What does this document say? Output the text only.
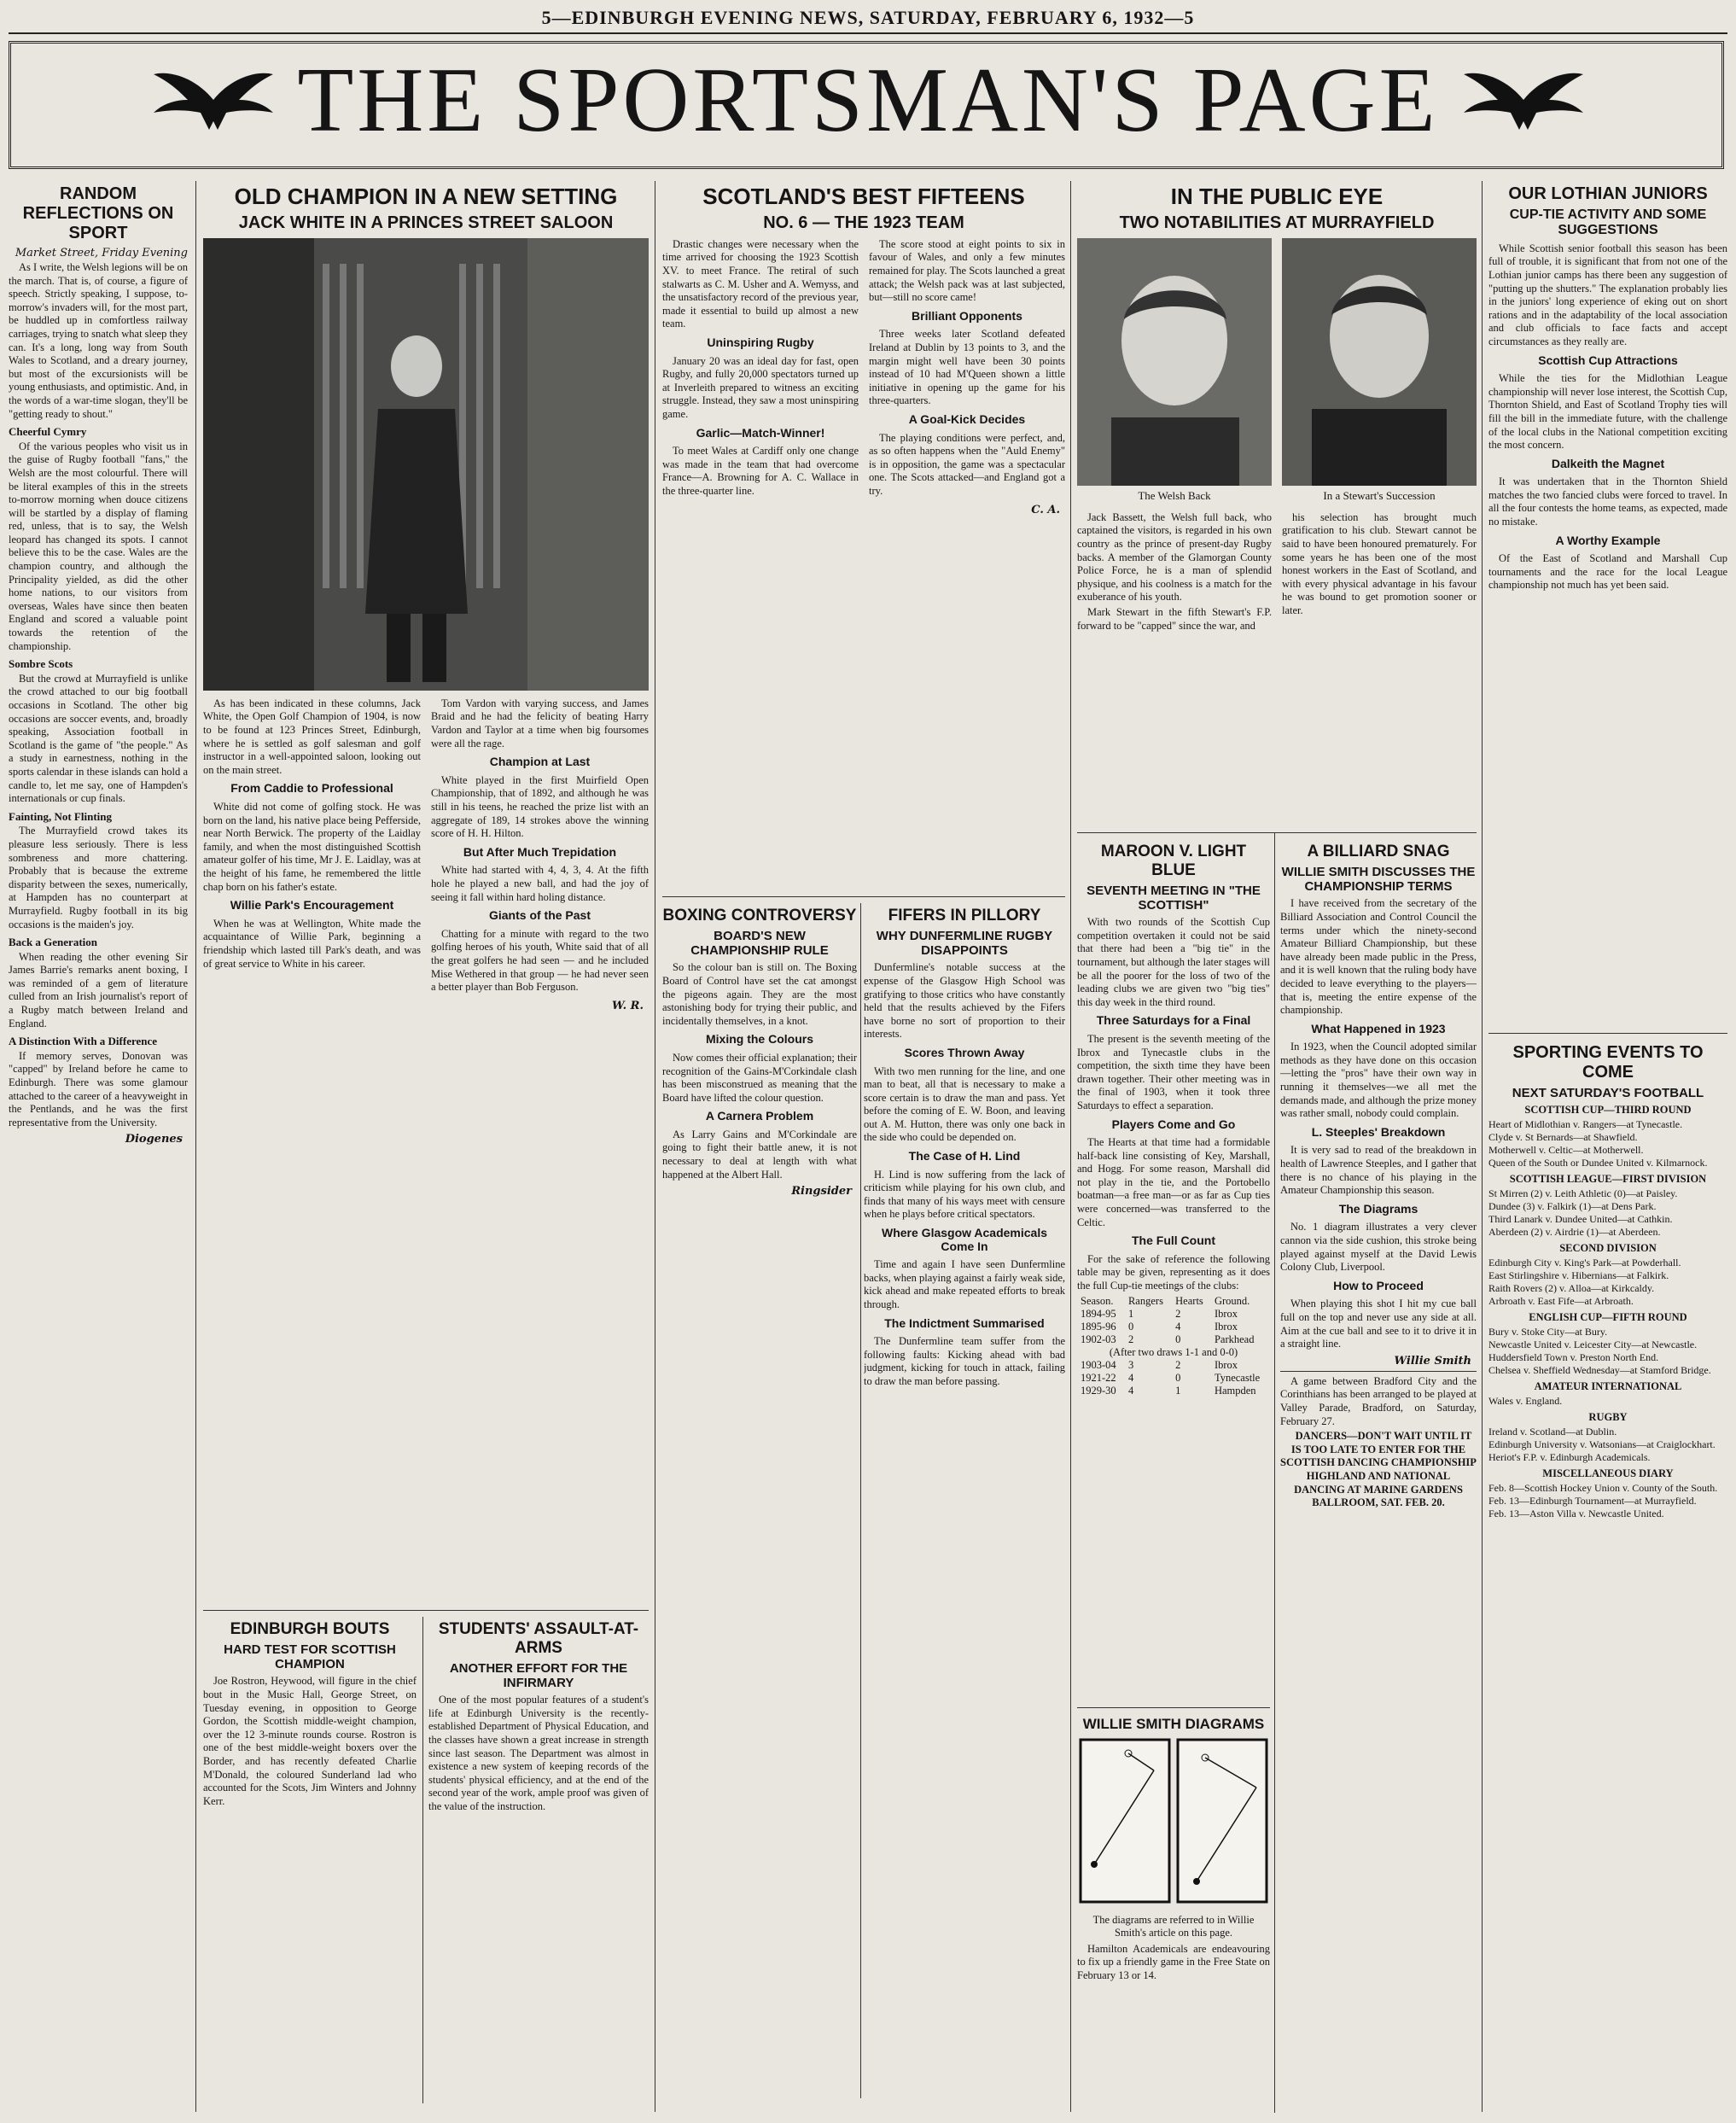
5—EDINBURGH EVENING NEWS, SATURDAY, FEBRUARY 6, 1932—5
THE SPORTSMAN'S PAGE
RANDOM REFLECTIONS ON SPORT
Market Street, Friday Evening

As I write, the Welsh legions will be on the march. That is, of course, a figure of speech. Strictly speaking, I suppose, to-morrow's invaders will, for the most part, be huddled up in comfortless railway carriages, trying to snatch what sleep they can. It's a long, long way from South Wales to Scotland, and a dreary journey, but most of the excursionists will be young enthusiasts, and optimistic. And, in the words of a war-time slogan, they'll be "getting ready to shout."

Cheerful Cymry

Of the various peoples who visit us in the guise of Rugby football "fans," the Welsh are the most colourful. There will be literal examples of this in the streets to-morrow morning when douce citizens will be startled by a display of flaming red, unless, that is to say, the Welsh leopard has changed its spots. I cannot believe this to be the case. Wales are the champion country, and although the Principality yielded, as did the other home nations, to our visitors from overseas, Wales have since then beaten England and scored a valuable point towards the retention of the championship.

Sombre Scots

But the crowd at Murrayfield is unlike the crowd attached to our big football occasions in Scotland. The other big occasions are soccer events, and, broadly speaking, Association football in Scotland is the game of "the people." As a study in earnestness, nothing in the sports calendar in these islands can hold a candle to, let me say, one of Hampden's internationals or cup finals.

Fainting, Not Flinting

The Murrayfield crowd takes its pleasure less seriously. There is less sombreness and more chattering. Probably that is because the extreme disparity between the sexes, numerically, at Hampden has no counterpart at Murrayfield. Rugby football in its big occasions is the maiden's joy.

Back a Generation

When reading the other evening Sir James Barrie's remarks anent boxing, I was reminded of a gem of literature culled from an Irish journalist's report of a Rugby match between Ireland and England.

A Distinction With a Difference

If memory serves, Donovan was "capped" by Ireland before he came to Edinburgh. There was some glamour attached to the career of a heavyweight in the Pentlands, and he was the first representative from the University.

Diogenes
OLD CHAMPION IN A NEW SETTING
JACK WHITE IN A PRINCES STREET SALOON

As has been indicated in these columns, Jack White, the Open Golf Champion of 1904, is now to be found at 123 Princes Street, Edinburgh, where he is settled as golf salesman and golf instructor in a well-appointed saloon, looking out on the main street.

From Caddie to Professional

White did not come of golfing stock. He was born on the land, his native place being Pefferside, near North Berwick. The property of the Laidlay family, and when the most distinguished Scottish amateur golfer of his time, Mr J. E. Laidlay, was at the height of his fame, he remembered the little chap born on his father's estate.

Willie Park's Encouragement

When he was at Wellington, White made the acquaintance of Willie Park, beginning a friendship which lasted till Park's death, and was of great service to White in his career.

Tom Vardon with varying success, and James Braid and he had the felicity of beating Harry Vardon and Taylor at a time when big foursomes were all the rage.

Champion at Last

White played in the first Muirfield Open Championship, that of 1892, and although he was still in his teens, he reached the prize list with an aggregate of 189, 14 strokes above the winning score of H. H. Hilton.

But After Much Trepidation

White had started with 4, 4, 3, 4. At the fifth hole he played a new ball, and had the joy of seeing it fall within hard holing distance.

Giants of the Past

Chatting for a minute with regard to the two golfing heroes of his youth, White said that of all the great golfers he had seen — and he included Mise Wethered in that group — he had never seen a better player than Bob Ferguson.

W. R.
SCOTLAND'S BEST FIFTEENS
NO. 6 — THE 1923 TEAM

Drastic changes were necessary when the time arrived for choosing the 1923 Scottish XV. to meet France. The retiral of such stalwarts as C. M. Usher and A. Wemyss, and the unsatisfactory record of the previous year, made it essential to build up almost a new team.

Uninspiring Rugby

January 20 was an ideal day for fast, open Rugby, and fully 20,000 spectators turned up at Inverleith prepared to witness an exciting struggle. Instead, they saw a most uninspiring game.

Garlic—Match-Winner!

To meet Wales at Cardiff only one change was made in the team that had overcome France—A. Browning for A. C. Wallace in the three-quarter line.

The score stood at eight points to six in favour of Wales, and only a few minutes remained for play. The Scots launched a great attack; the Welsh pack was at last subjected, but—still no score came!

Brilliant Opponents

Three weeks later Scotland defeated Ireland at Dublin by 13 points to 3, and the margin might well have been 30 points instead of 10 had M'Queen shown a little initiative in opening up the game for his three-quarters.

A Goal-Kick Decides

The playing conditions were perfect, and, as so often happens when the "Auld Enemy" is in opposition, the game was a spectacular one. The Scots attacked—and England got a try.

C. A.
BOXING CONTROVERSY
BOARD'S NEW CHAMPIONSHIP RULE

So the colour ban is still on. The Boxing Board of Control have set the cat amongst the pigeons again. They are the most astonishing body for trying their public, and incidentally themselves, in a knot.

Mixing the Colours

Now comes their official explanation; their recognition of the Gains-M'Corkindale clash has been misconstrued as meaning that the Board have lifted the colour question.

A Carnera Problem

As Larry Gains and M'Corkindale are going to fight their battle anew, it is not necessary to deal at length with what happened at the Albert Hall.

Ringsider
FIFERS IN PILLORY
WHY DUNFERMLINE RUGBY DISAPPOINTS

Dunfermline's notable success at the expense of the Glasgow High School was gratifying to those critics who have constantly held that the results achieved by the Fifers have borne no sort of proportion to their interests.

Scores Thrown Away

With two men running for the line, and one man to beat, all that is necessary to make a score certain is to draw the man and pass. Yet before the coming of E. W. Boon, and leaving out A. M. Hutton, there was only one back in the side who could be depended on.

The Case of H. Lind

H. Lind is now suffering from the lack of criticism while playing for his own club, and finds that many of his ways meet with censure when he plays before critical spectators.

Where Glasgow Academicals Come In

Time and again I have seen Dunfermline backs, when playing against a fairly weak side, kick ahead and make repeated efforts to break through.

The Indictment Summarised

The Dunfermline team suffer from the following faults: Kicking ahead with bad judgment, kicking for touch in attack, failing to draw the man before passing.

EDINBURGH BOUTS
HARD TEST FOR SCOTTISH CHAMPION

Joe Rostron, Heywood, will figure in the chief bout in the Music Hall, George Street, on Tuesday evening, in opposition to George Gordon, the Scottish middle-weight champion, over the 12 3-minute rounds course. Rostron is one of the best middle-weight boxers over the Border, and has recently defeated Charlie M'Donald, the coloured Sunderland lad who accounted for the Scots, Jim Winters and Johnny Kerr.

STUDENTS' ASSAULT-AT-ARMS
ANOTHER EFFORT FOR THE INFIRMARY

One of the most popular features of a student's life at Edinburgh University is the recently-established Department of Physical Education, and the classes have shown a great increase in strength since last season. The Department was almost in existence a new system of keeping records of the students' physical efficiency, and at the end of the second year of the work, ample proof was given of the value of the instruction.

IN THE PUBLIC EYE
TWO NOTABILITIES AT MURRAYFIELD
The Welsh Back	In a Stewart's Succession

Jack Bassett, the Welsh full back, who captained the visitors, is regarded in his own country as the prince of present-day Rugby backs. A member of the Glamorgan County Police Force, he is a man of splendid physique, and his coolness is a match for the exuberance of his youth.

Mark Stewart in the fifth Stewart's F.P. forward to be "capped" since the war, and

his selection has brought much gratification to his club. Stewart cannot be said to have been honoured prematurely. For some years he has been one of the most honest workers in the East of Scotland, and with every physical advantage in his favour he was bound to get promotion sooner or later.

MAROON V. LIGHT BLUE
SEVENTH MEETING IN "THE SCOTTISH"

With two rounds of the Scottish Cup competition overtaken it could not be said that there had been a "big tie" in the tournament, but although the later stages will be all the poorer for the loss of two of the leading clubs we are given two "big ties" this day week in the third round.

Three Saturdays for a Final

The present is the seventh meeting of the Ibrox and Tynecastle clubs in the competition, the sixth time they have been drawn together. Their other meeting was in the final of 1903, when it took three Saturdays to effect a separation.

Players Come and Go

The Hearts at that time had a formidable half-back line consisting of Key, Marshall, and Hogg. For some reason, Marshall did not play in the tie, and the Portobello boatman—a free man—or as far as Cup ties were concerned—was transferred to the Celtic.

The Full Count

For the sake of reference the following table may be given, representing as it does the full Cup-tie meetings of the clubs:

Season.	Rangers	Hearts	Ground.
1894-95	1	2	Ibrox
1895-96	0	4	Ibrox
1902-03	2	0	Parkhead
(After two draws 1-1 and 0-0)			
1903-04	3	2	Ibrox
1921-22	4	0	Tynecastle
1929-30	4	1	Hampden
WILLIE SMITH DIAGRAMS
The diagrams are referred to in Willie Smith's article on this page.

Hamilton Academicals are endeavouring to fix up a friendly game in the Free State on February 13 or 14.

A BILLIARD SNAG
WILLIE SMITH DISCUSSES THE CHAMPIONSHIP TERMS

I have received from the secretary of the Billiard Association and Control Council the terms under which the ninety-second Amateur Billiard Championship, but these have already been made public in the Press, and it is well known that the ruling body have decided to leave everything to the players—that is, meeting the entire expense of the championship.

What Happened in 1923

In 1923, when the Council adopted similar methods as they have done on this occasion—letting the "pros" have their own way in running it themselves—we all met the demands made, and although the prize money was rather small, nobody could complain.

L. Steeples' Breakdown

It is very sad to read of the breakdown in health of Lawrence Steeples, and I gather that there is no chance of his playing in the Amateur Championship this season.

The Diagrams

No. 1 diagram illustrates a very clever cannon via the side cushion, this stroke being played against myself at the David Lewis Colony Club, Liverpool.

How to Proceed

When playing this shot I hit my cue ball full on the top and never use any side at all. Aim at the cue ball and see to it to drive it in a straight line.

Willie Smith

A game between Bradford City and the Corinthians has been arranged to be played at Valley Parade, Bradford, on Saturday, February 27.

DANCERS—DON'T WAIT UNTIL IT IS TOO LATE TO ENTER FOR THE SCOTTISH DANCING CHAMPIONSHIP HIGHLAND AND NATIONAL DANCING AT MARINE GARDENS BALLROOM, SAT. FEB. 20.

OUR LOTHIAN JUNIORS
CUP-TIE ACTIVITY AND SOME SUGGESTIONS

While Scottish senior football this season has been full of trouble, it is significant that from not one of the Lothian junior camps has there been any suggestion of "putting up the shutters." The explanation probably lies in the juniors' long experience of eking out on short rations and in the adaptability of the local association and club officials to face facts and accept circumstances as they really are.

Scottish Cup Attractions

While the ties for the Midlothian League championship will never lose interest, the Scottish Cup, Thornton Shield, and East of Scotland Trophy ties will fill the bill in the immediate future, with the challenge of the local clubs in the National competition exciting the most concern.

Dalkeith the Magnet

It was undertaken that in the Thornton Shield matches the two fancied clubs were forced to travel. In all the four contests the home teams, as expected, made no mistake.

A Worthy Example

Of the East of Scotland and Marshall Cup tournaments and the race for the local League championship not much has yet been said.

SPORTING EVENTS TO COME
NEXT SATURDAY'S FOOTBALL
SCOTTISH CUP—THIRD ROUND
Heart of Midlothian v. Rangers—at Tynecastle.
Clyde v. St Bernards—at Shawfield.
Motherwell v. Celtic—at Motherwell.
Queen of the South or Dundee United v. Kilmarnock.
SCOTTISH LEAGUE—FIRST DIVISION
St Mirren (2) v. Leith Athletic (0)—at Paisley.
Dundee (3) v. Falkirk (1)—at Dens Park.
Third Lanark v. Dundee United—at Cathkin.
Aberdeen (2) v. Airdrie (1)—at Aberdeen.
SECOND DIVISION
Edinburgh City v. King's Park—at Powderhall.
East Stirlingshire v. Hibernians—at Falkirk.
Raith Rovers (2) v. Alloa—at Kirkcaldy.
Arbroath v. East Fife—at Arbroath.
ENGLISH CUP—FIFTH ROUND
Bury v. Stoke City—at Bury.
Newcastle United v. Leicester City—at Newcastle.
Huddersfield Town v. Preston North End.
Chelsea v. Sheffield Wednesday—at Stamford Bridge.
AMATEUR INTERNATIONAL
Wales v. England.
RUGBY
Ireland v. Scotland—at Dublin.
Edinburgh University v. Watsonians—at Craiglockhart.
Heriot's F.P. v. Edinburgh Academicals.
MISCELLANEOUS DIARY
Feb. 8—Scottish Hockey Union v. County of the South.
Feb. 13—Edinburgh Tournament—at Murrayfield.
Feb. 13—Aston Villa v. Newcastle United.
